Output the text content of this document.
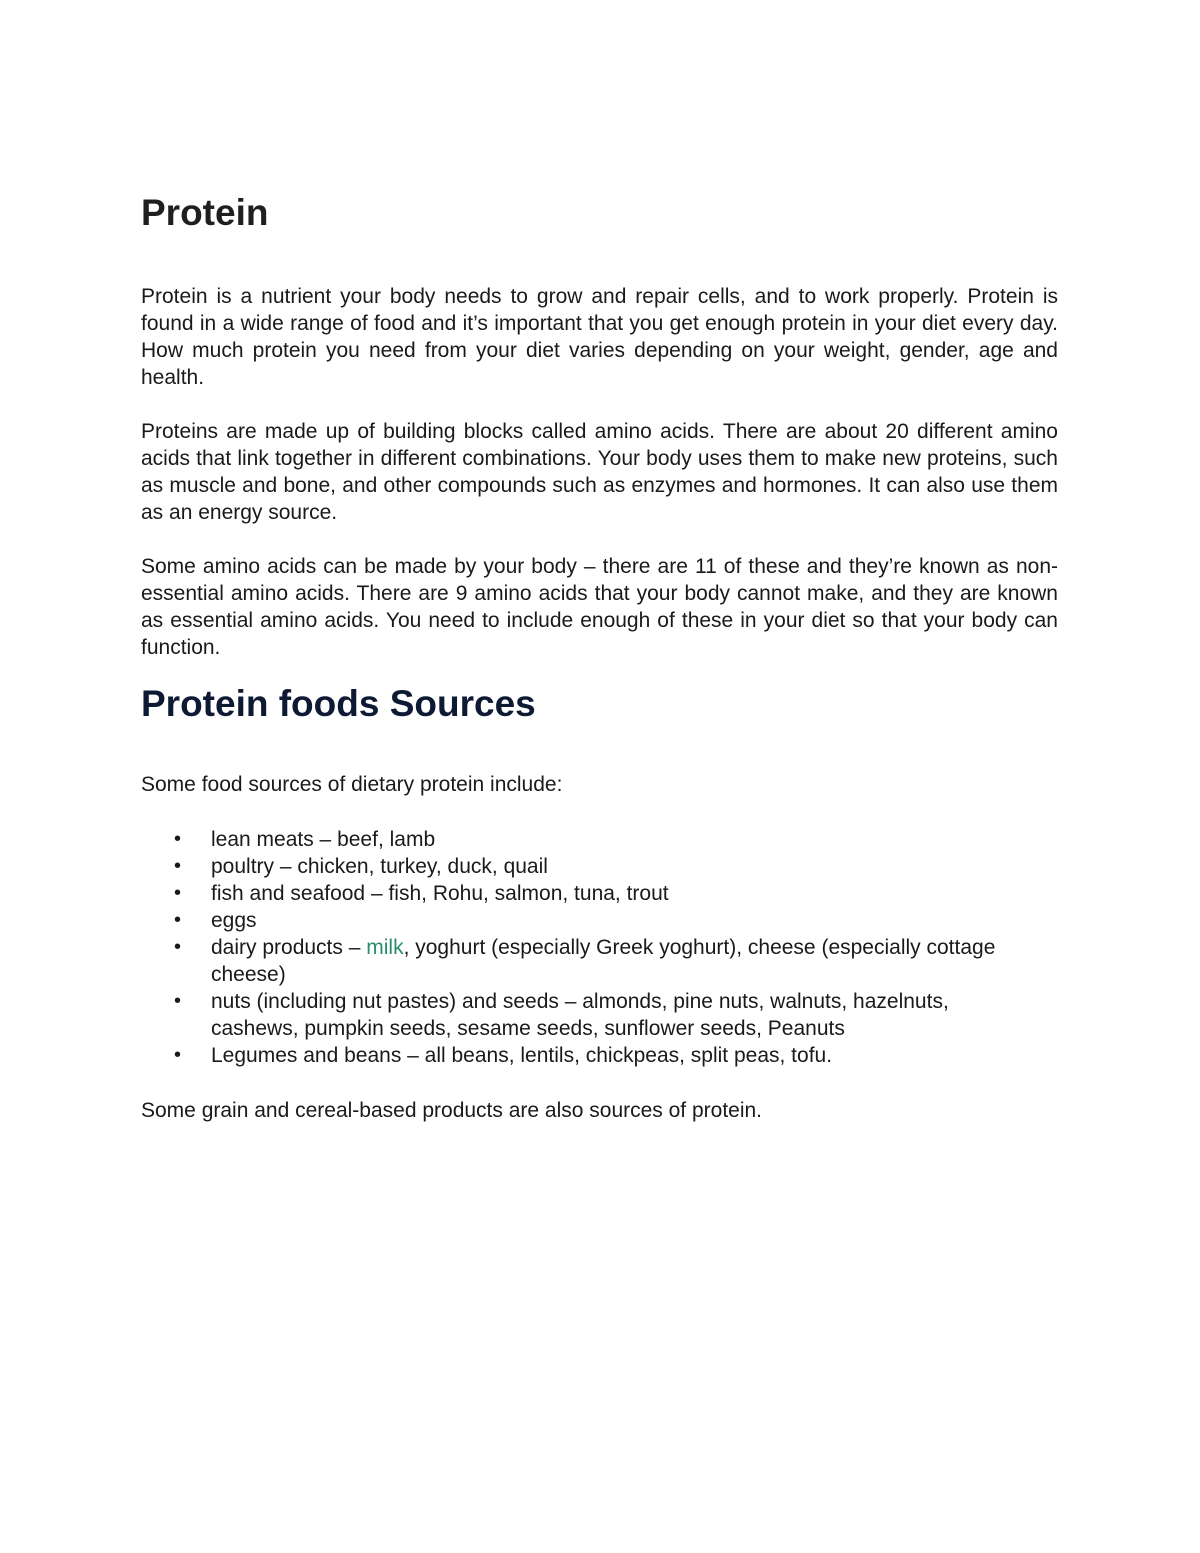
Protein

Protein is a nutrient your body needs to grow and repair cells, and to work properly. Protein is found in a wide range of food and it’s important that you get enough protein in your diet every day. How much protein you need from your diet varies depending on your weight, gender, age and health.

Proteins are made up of building blocks called amino acids. There are about 20 different amino acids that link together in different combinations. Your body uses them to make new proteins, such as muscle and bone, and other compounds such as enzymes and hormones. It can also use them as an energy source.

Some amino acids can be made by your body – there are 11 of these and they’re known as non-essential amino acids. There are 9 amino acids that your body cannot make, and they are known as essential amino acids. You need to include enough of these in your diet so that your body can function.

Protein foods Sources

Some food sources of dietary protein include:

• lean meats – beef, lamb
• poultry – chicken, turkey, duck, quail
• fish and seafood – fish, Rohu, salmon, tuna, trout
• eggs
• dairy products – milk, yoghurt (especially Greek yoghurt), cheese (especially cottage cheese)
• nuts (including nut pastes) and seeds – almonds, pine nuts, walnuts, hazelnuts, cashews, pumpkin seeds, sesame seeds, sunflower seeds, Peanuts
• Legumes and beans – all beans, lentils, chickpeas, split peas, tofu.

Some grain and cereal-based products are also sources of protein.
